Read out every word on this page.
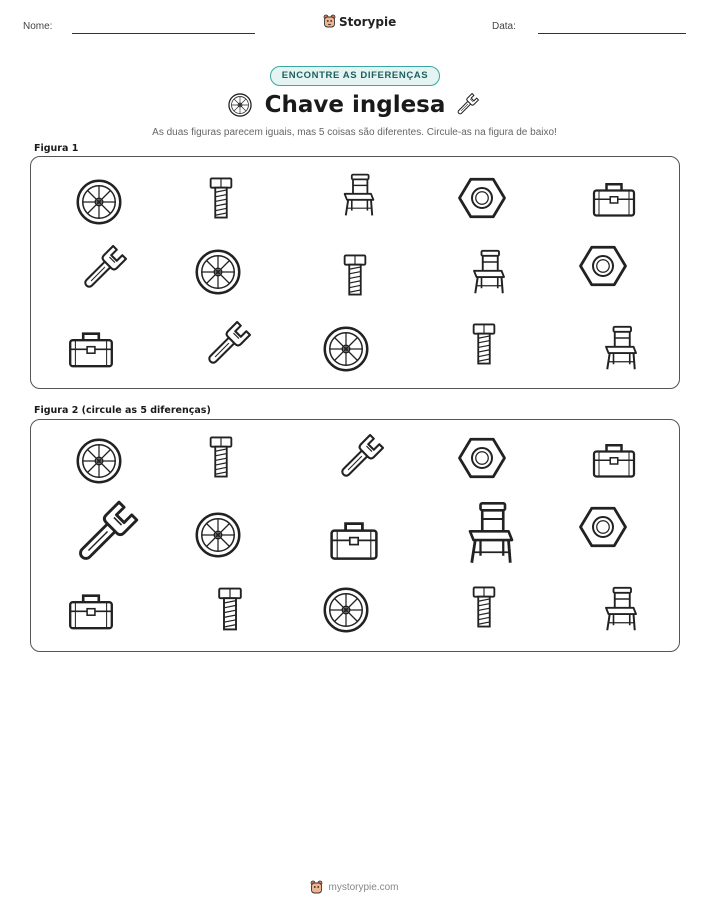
Nome:	Storypie	Data:
ENCONTRE AS DIFERENÇAS
Chave inglesa
As duas figuras parecem iguais, mas 5 coisas são diferentes. Circule-as na figura de baixo!
Figura 1
Figura 2 (circule as 5 diferenças)
mystorypie.com
